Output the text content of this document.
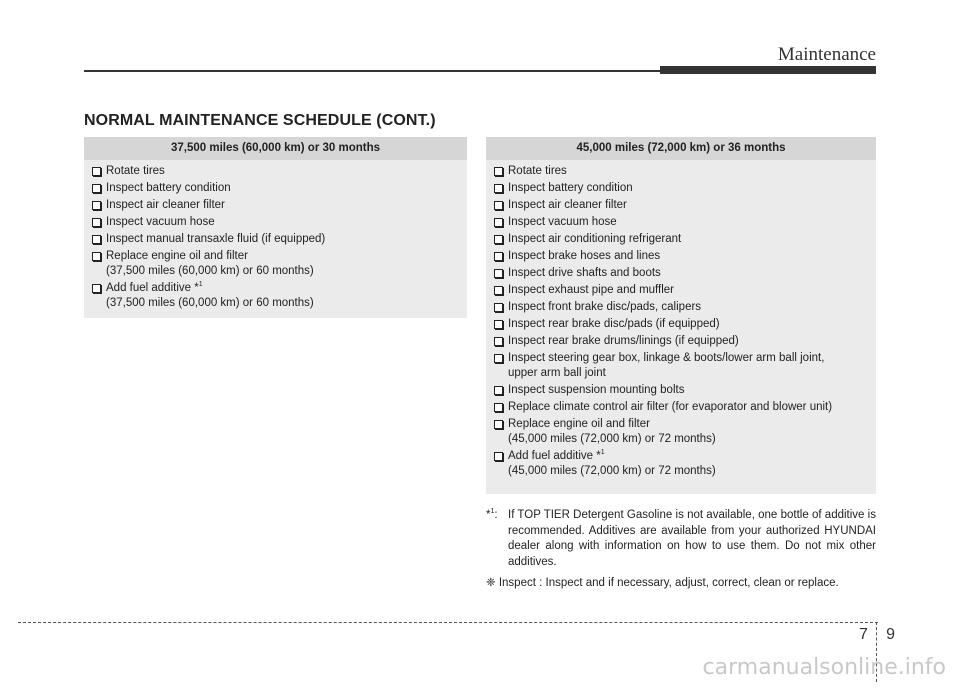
Maintenance
NORMAL MAINTENANCE SCHEDULE (CONT.)
37,500 miles (60,000 km) or 30 months
Rotate tires
Inspect battery condition
Inspect air cleaner filter
Inspect vacuum hose
Inspect manual transaxle fluid (if equipped)
Replace engine oil and filter
(37,500 miles (60,000 km) or 60 months)
Add fuel additive *$^1$
(37,500 miles (60,000 km) or 60 months)
45,000 miles (72,000 km) or 36 months
Rotate tires
Inspect battery condition
Inspect air cleaner filter
Inspect vacuum hose
Inspect air conditioning refrigerant
Inspect brake hoses and lines
Inspect drive shafts and boots
Inspect exhaust pipe and muffler
Inspect front brake disc/pads, calipers
Inspect rear brake disc/pads (if equipped)
Inspect rear brake drums/linings (if equipped)
Inspect steering gear box, linkage & boots/lower arm ball joint,
upper arm ball joint
Inspect suspension mounting bolts
Replace climate control air filter (for evaporator and blower unit)
Replace engine oil and filter
(45,000 miles (72,000 km) or 72 months)
Add fuel additive *$^1$
(45,000 miles (72,000 km) or 72 months)
*$^1$: If TOP TIER Detergent Gasoline is not available, one bottle of additive is recommended. Additives are available from your authorized HYUNDAI dealer along with information on how to use them. Do not mix other additives.
❈ Inspect : Inspect and if necessary, adjust, correct, clean or replace.
7 9
carmanualsonline.info
